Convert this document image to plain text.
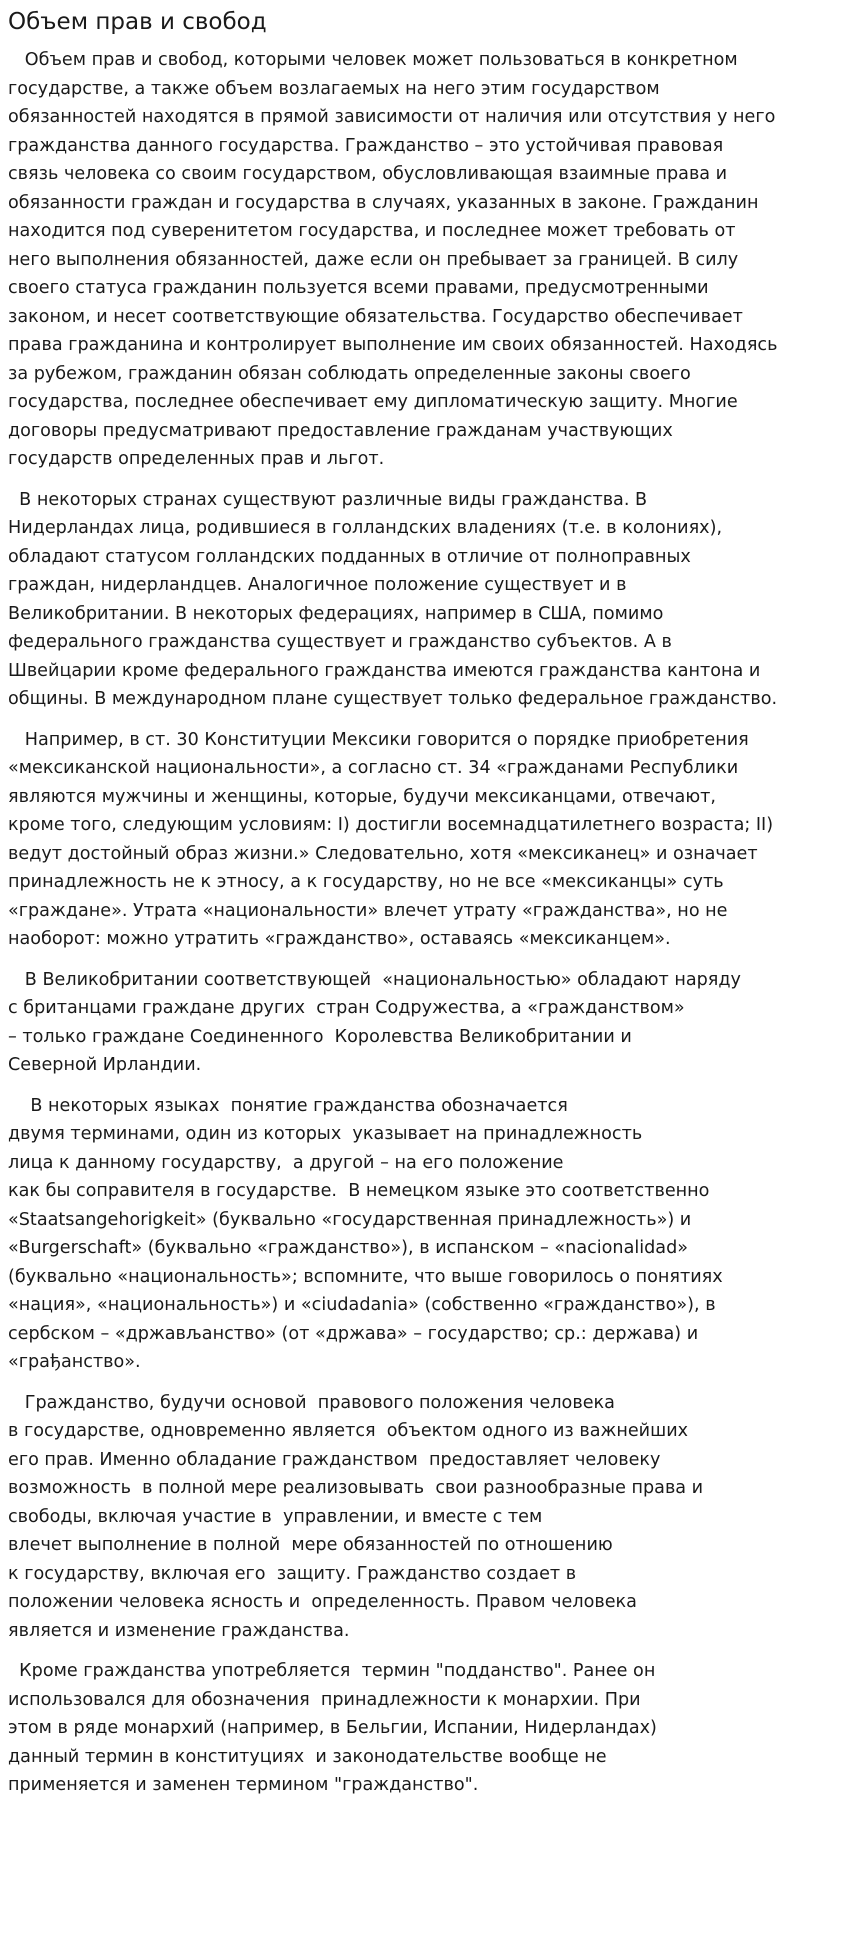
Объем прав и свобод

Объем прав и свобод, которыми человек может пользоваться в конкретном
государстве, а также объем возлагаемых на него этим государством
обязанностей находятся в прямой зависимости от наличия или отсутствия у него
гражданства данного государства. Гражданство – это устойчивая правовая
связь человека со своим государством, обусловливающая взаимные права и
обязанности граждан и государства в случаях, указанных в законе. Гражданин
находится под суверенитетом государства, и последнее может требовать от
него выполнения обязанностей, даже если он пребывает за границей. В силу
своего статуса гражданин пользуется всеми правами, предусмотренными
законом, и несет соответствующие обязательства. Государство обеспечивает
права гражданина и контролирует выполнение им своих обязанностей. Находясь
за рубежом, гражданин обязан соблюдать определенные законы своего
государства, последнее обеспечивает ему дипломатическую защиту. Многие
договоры предусматривают предоставление гражданам участвующих
государств определенных прав и льгот.

В некоторых странах существуют различные виды гражданства. В
Нидерландах лица, родившиеся в голландских владениях (т.е. в колониях),
обладают статусом голландских подданных в отличие от полноправных
граждан, нидерландцев. Аналогичное положение существует и в
Великобритании. В некоторых федерациях, например в США, помимо
федерального гражданства существует и гражданство субъектов. А в
Швейцарии кроме федерального гражданства имеются гражданства кантона и
общины. В международном плане существует только федеральное гражданство.

Например, в ст. 30 Конституции Мексики говорится о порядке приобретения
«мексиканской национальности», а согласно ст. 34 «гражданами Республики
являются мужчины и женщины, которые, будучи мексиканцами, отвечают,
кроме того, следующим условиям: I) достигли восемнадцатилетнего возраста; II)
ведут достойный образ жизни.» Следовательно, хотя «мексиканец» и означает
принадлежность не к этносу, а к государству, но не все «мексиканцы» суть
«граждане». Утрата «национальности» влечет утрату «гражданства», но не
наоборот: можно утратить «гражданство», оставаясь «мексиканцем».

В Великобритании соответствующей  «национальностью» обладают наряду
с британцами граждане других  стран Содружества, а «гражданством»
– только граждане Соединенного  Королевства Великобритании и
Северной Ирландии.

В некоторых языках  понятие гражданства обозначается
двумя терминами, один из которых  указывает на принадлежность
лица к данному государству,  а другой – на его положение
как бы соправителя в государстве.  В немецком языке это соответственно
«Staatsangehorigkeit» (буквально «государственная принадлежность») и
«Burgerschaft» (буквально «гражданство»), в испанском – «nacionalidad»
(буквально «национальность»; вспомните, что выше говорилось о понятиях
«нация», «национальность») и «ciudadania» (собственно «гражданство»), в
сербском – «држављанство» (от «држава» – государство; ср.: держава) и
«грађанство».

Гражданство, будучи основой  правового положения человека
в государстве, одновременно является  объектом одного из важнейших
его прав. Именно обладание гражданством  предоставляет человеку
возможность  в полной мере реализовывать  свои разнообразные права и
свободы, включая участие в  управлении, и вместе с тем
влечет выполнение в полной  мере обязанностей по отношению
к государству, включая его  защиту. Гражданство создает в
положении человека ясность и  определенность. Правом человека
является и изменение гражданства.

Кроме гражданства употребляется  термин "подданство". Ранее он
использовался для обозначения  принадлежности к монархии. При
этом в ряде монархий (например, в Бельгии, Испании, Нидерландах)
данный термин в конституциях  и законодательстве вообще не
применяется и заменен термином "гражданство".
